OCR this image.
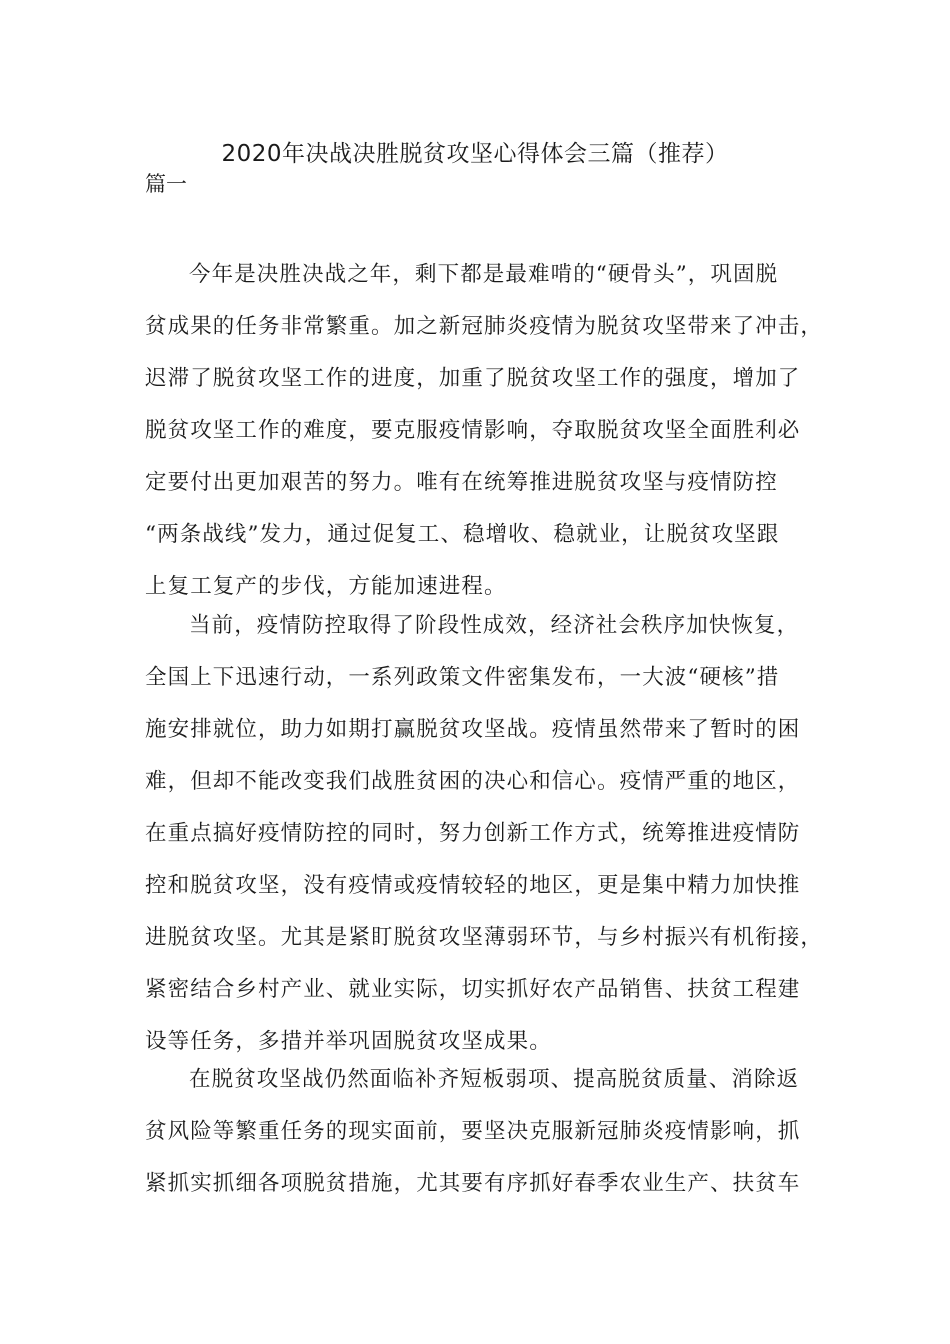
2020年决战决胜脱贫攻坚心得体会三篇（推荐）

篇一

今年是决胜决战之年，剩下都是最难啃的“硬骨头”，巩固脱
贫成果的任务非常繁重。加之新冠肺炎疫情为脱贫攻坚带来了冲击，
迟滞了脱贫攻坚工作的进度，加重了脱贫攻坚工作的强度，增加了
脱贫攻坚工作的难度，要克服疫情影响，夺取脱贫攻坚全面胜利必
定要付出更加艰苦的努力。唯有在统筹推进脱贫攻坚与疫情防控
“两条战线”发力，通过促复工、稳增收、稳就业，让脱贫攻坚跟
上复工复产的步伐，方能加速进程。

当前，疫情防控取得了阶段性成效，经济社会秩序加快恢复，
全国上下迅速行动，一系列政策文件密集发布，一大波“硬核”措
施安排就位，助力如期打赢脱贫攻坚战。疫情虽然带来了暂时的困
难，但却不能改变我们战胜贫困的决心和信心。疫情严重的地区，
在重点搞好疫情防控的同时，努力创新工作方式，统筹推进疫情防
控和脱贫攻坚，没有疫情或疫情较轻的地区，更是集中精力加快推
进脱贫攻坚。尤其是紧盯脱贫攻坚薄弱环节，与乡村振兴有机衔接，
紧密结合乡村产业、就业实际，切实抓好农产品销售、扶贫工程建
设等任务，多措并举巩固脱贫攻坚成果。

在脱贫攻坚战仍然面临补齐短板弱项、提高脱贫质量、消除返
贫风险等繁重任务的现实面前，要坚决克服新冠肺炎疫情影响，抓
紧抓实抓细各项脱贫措施，尤其要有序抓好春季农业生产、扶贫车
